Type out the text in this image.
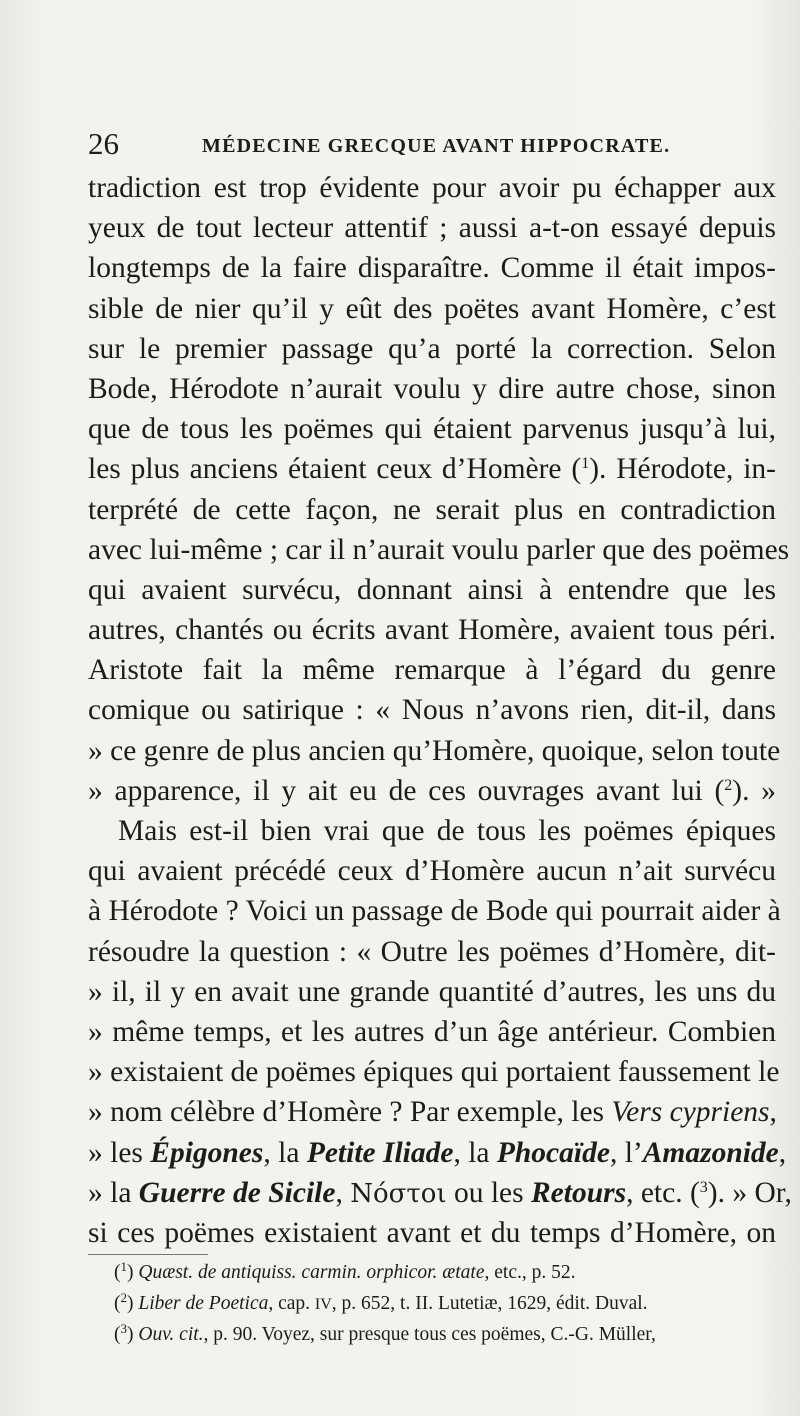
26	MÉDECINE GRECQUE AVANT HIPPOCRATE.
tradiction est trop évidente pour avoir pu échapper aux
yeux de tout lecteur attentif ; aussi a-t-on essayé depuis
longtemps de la faire disparaître. Comme il était impos-
sible de nier qu’il y eût des poëtes avant Homère, c’est
sur le premier passage qu’a porté la correction. Selon
Bode, Hérodote n’aurait voulu y dire autre chose, sinon
que de tous les poëmes qui étaient parvenus jusqu’à lui,
les plus anciens étaient ceux d’Homère ($^1$). Hérodote, in-
terprété de cette façon, ne serait plus en contradiction
avec lui-même ; car il n’aurait voulu parler que des poëmes
qui avaient survécu, donnant ainsi à entendre que les
autres, chantés ou écrits avant Homère, avaient tous péri.
Aristote fait la même remarque à l’égard du genre
comique ou satirique : « Nous n’avons rien, dit-il, dans
» ce genre de plus ancien qu’Homère, quoique, selon toute
» apparence, il y ait eu de ces ouvrages avant lui ($^2$). »
Mais est-il bien vrai que de tous les poëmes épiques
qui avaient précédé ceux d’Homère aucun n’ait survécu
à Hérodote ? Voici un passage de Bode qui pourrait aider à
résoudre la question : « Outre les poëmes d’Homère, dit-
» il, il y en avait une grande quantité d’autres, les uns du
» même temps, et les autres d’un âge antérieur. Combien
» existaient de poëmes épiques qui portaient faussement le
» nom célèbre d’Homère ? Par exemple, les Vers cypriens,
» les Épigones, la Petite Iliade, la Phocaïde, l’Amazonide,
» la Guerre de Sicile, Νόστοι ou les Retours, etc. ($^3$). » Or,
si ces poëmes existaient avant et du temps d’Homère, on
($^1$) Quæst. de antiquiss. carmin. orphicor. ætate, etc., p. 52.
($^2$) Liber de Poetica, cap. IV, p. 652, t. II. Lutetiæ, 1629, édit. Duval.
($^3$) Ouv. cit., p. 90. Voyez, sur presque tous ces poëmes, C.-G. Müller,
